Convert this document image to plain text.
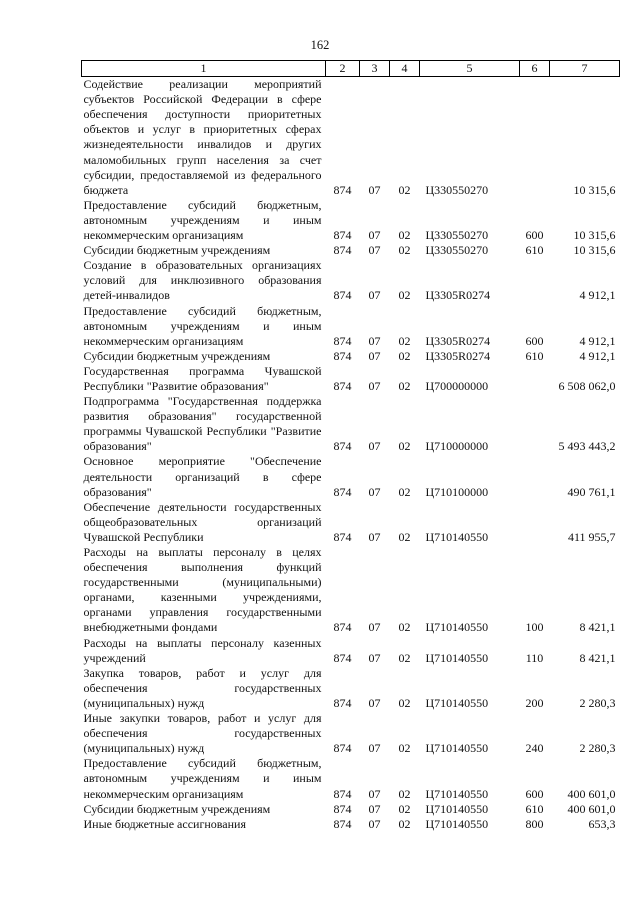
162
1	2	3	4	5	6	7
Содействие реализации мероприятий субъектов Российской Федерации в сфере обеспечения доступности приоритетных объектов и услуг в приоритетных сферах жизнедеятельности инвалидов и других маломобильных групп населения за счет субсидии, предоставляемой из федерального бюджета	874	07	02	Ц330550270		10 315,6
Предоставление субсидий бюджетным, автономным учреждениям и иным некоммерческим организациям	874	07	02	Ц330550270	600	10 315,6
Субсидии бюджетным учреждениям	874	07	02	Ц330550270	610	10 315,6
Создание в образовательных организациях условий для инклюзивного образования детей-инвалидов	874	07	02	Ц3305R0274		4 912,1
Предоставление субсидий бюджетным, автономным учреждениям и иным некоммерческим организациям	874	07	02	Ц3305R0274	600	4 912,1
Субсидии бюджетным учреждениям	874	07	02	Ц3305R0274	610	4 912,1
Государственная программа Чувашской Республики "Развитие образования"	874	07	02	Ц700000000		6 508 062,0
Подпрограмма "Государственная поддержка развития образования" государственной программы Чувашской Республики "Развитие образования"	874	07	02	Ц710000000		5 493 443,2
Основное мероприятие "Обеспечение деятельности организаций в сфере образования"	874	07	02	Ц710100000		490 761,1
Обеспечение деятельности государственных общеобразовательных организаций Чувашской Республики	874	07	02	Ц710140550		411 955,7
Расходы на выплаты персоналу в целях обеспечения выполнения функций государственными (муниципальными) органами, казенными учреждениями, органами управления государственными внебюджетными фондами	874	07	02	Ц710140550	100	8 421,1
Расходы на выплаты персоналу казенных учреждений	874	07	02	Ц710140550	110	8 421,1
Закупка товаров, работ и услуг для обеспечения государственных (муниципальных) нужд	874	07	02	Ц710140550	200	2 280,3
Иные закупки товаров, работ и услуг для обеспечения государственных (муниципальных) нужд	874	07	02	Ц710140550	240	2 280,3
Предоставление субсидий бюджетным, автономным учреждениям и иным некоммерческим организациям	874	07	02	Ц710140550	600	400 601,0
Субсидии бюджетным учреждениям	874	07	02	Ц710140550	610	400 601,0
Иные бюджетные ассигнования	874	07	02	Ц710140550	800	653,3
